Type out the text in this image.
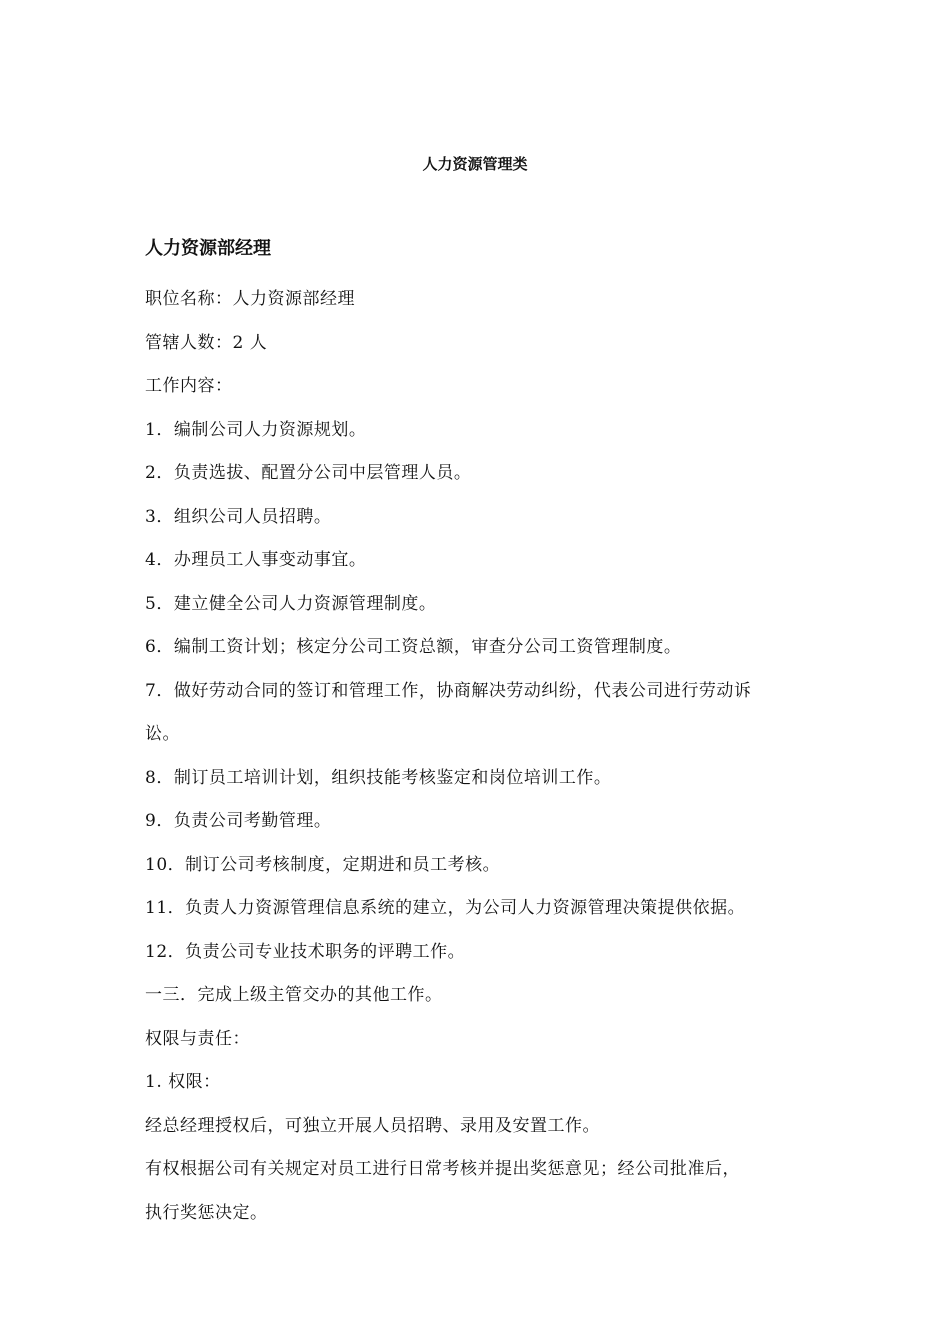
人力资源管理类
人力资源部经理
职位名称：人力资源部经理
管辖人数：2 人
工作内容：
1．编制公司人力资源规划。
2．负责选拔、配置分公司中层管理人员。
3．组织公司人员招聘。
4．办理员工人事变动事宜。
5．建立健全公司人力资源管理制度。
6．编制工资计划；核定分公司工资总额，审查分公司工资管理制度。
7．做好劳动合同的签订和管理工作，协商解决劳动纠纷，代表公司进行劳动诉
讼。
8．制订员工培训计划，组织技能考核鉴定和岗位培训工作。
9．负责公司考勤管理。
10．制订公司考核制度，定期进和员工考核。
11．负责人力资源管理信息系统的建立，为公司人力资源管理决策提供依据。
12．负责公司专业技术职务的评聘工作。
一三．完成上级主管交办的其他工作。
权限与责任：
1. 权限：
经总经理授权后，可独立开展人员招聘、录用及安置工作。
有权根据公司有关规定对员工进行日常考核并提出奖惩意见；经公司批准后，
执行奖惩决定。
